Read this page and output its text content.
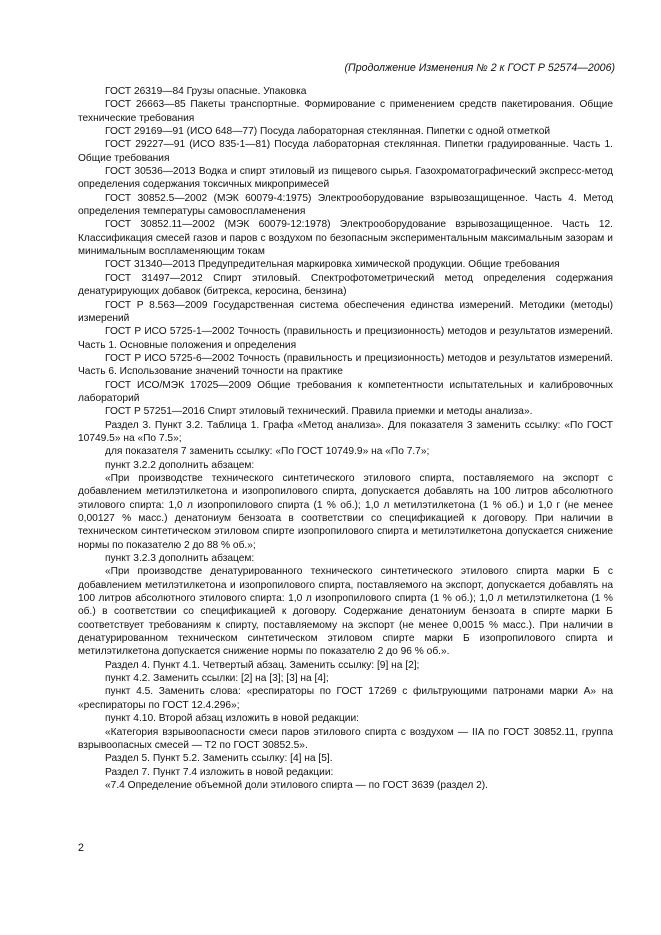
(Продолжение Изменения № 2 к ГОСТ Р 52574—2006)

ГОСТ 26319—84 Грузы опасные. Упаковка

ГОСТ 26663—85 Пакеты транспортные. Формирование с применением средств пакетирования. Общие технические требования

ГОСТ 29169—91 (ИСО 648—77) Посуда лабораторная стеклянная. Пипетки с одной отметкой

ГОСТ 29227—91 (ИСО 835-1—81) Посуда лабораторная стеклянная. Пипетки градуированные. Часть 1. Общие требования

ГОСТ 30536—2013 Водка и спирт этиловый из пищевого сырья. Газохроматографический экспресс-метод определения содержания токсичных микропримесей

ГОСТ 30852.5—2002 (МЭК 60079-4:1975) Электрооборудование взрывозащищенное. Часть 4. Метод определения температуры самовоспламенения

ГОСТ 30852.11—2002 (МЭК 60079-12:1978) Электрооборудование взрывозащищенное. Часть 12. Классификация смесей газов и паров с воздухом по безопасным экспериментальным максимальным зазорам и минимальным воспламеняющим токам

ГОСТ 31340—2013 Предупредительная маркировка химической продукции. Общие требования

ГОСТ 31497—2012 Спирт этиловый. Спектрофотометрический метод определения содержания денатурирующих добавок (битрекса, керосина, бензина)

ГОСТ Р 8.563—2009 Государственная система обеспечения единства измерений. Методики (методы) измерений

ГОСТ Р ИСО 5725-1—2002 Точность (правильность и прецизионность) методов и результатов измерений. Часть 1. Основные положения и определения

ГОСТ Р ИСО 5725-6—2002 Точность (правильность и прецизионность) методов и результатов измерений. Часть 6. Использование значений точности на практике

ГОСТ ИСО/МЭК 17025—2009 Общие требования к компетентности испытательных и калибровочных лабораторий

ГОСТ Р 57251—2016 Спирт этиловый технический. Правила приемки и методы анализа».

Раздел 3. Пункт 3.2. Таблица 1. Графа «Метод анализа». Для показателя 3 заменить ссылку: «По ГОСТ 10749.5» на «По 7.5»;

для показателя 7 заменить ссылку: «По ГОСТ 10749.9» на «По 7.7»;

пункт 3.2.2 дополнить абзацем:

«При производстве технического синтетического этилового спирта, поставляемого на экспорт с добавлением метилэтилкетона и изопропилового спирта, допускается добавлять на 100 литров абсолютного этилового спирта: 1,0 л изопропилового спирта (1 % об.); 1,0 л метилэтилкетона (1 % об.) и 1,0 г (не менее 0,00127 % масс.) денатониум бензоата в соответствии со спецификацией к договору. При наличии в техническом синтетическом этиловом спирте изопропилового спирта и метилэтилкетона допускается снижение нормы по показателю 2 до 88 % об.»;

пункт 3.2.3 дополнить абзацем:

«При производстве денатурированного технического синтетического этилового спирта марки Б с добавлением метилэтилкетона и изопропилового спирта, поставляемого на экспорт, допускается добавлять на 100 литров абсолютного этилового спирта: 1,0 л изопропилового спирта (1 % об.); 1,0 л метилэтилкетона (1 % об.) в соответствии со спецификацией к договору. Содержание денатониум бензоата в спирте марки Б соответствует требованиям к спирту, поставляемому на экспорт (не менее 0,0015 % масс.). При наличии в денатурированном техническом синтетическом этиловом спирте марки Б изопропилового спирта и метилэтилкетона допускается снижение нормы по показателю 2 до 96 % об.».

Раздел 4. Пункт 4.1. Четвертый абзац. Заменить ссылку: [9] на [2];

пункт 4.2. Заменить ссылки: [2] на [3]; [3] на [4];

пункт 4.5. Заменить слова: «респираторы по ГОСТ 17269 с фильтрующими патронами марки А» на «респираторы по ГОСТ 12.4.296»;

пункт 4.10. Второй абзац изложить в новой редакции:

«Категория взрывоопасности смеси паров этилового спирта с воздухом — IIA по ГОСТ 30852.11, группа взрывоопасных смесей — Т2 по ГОСТ 30852.5».

Раздел 5. Пункт 5.2. Заменить ссылку: [4] на [5].

Раздел 7. Пункт 7.4 изложить в новой редакции:

«7.4 Определение объемной доли этилового спирта — по ГОСТ 3639 (раздел 2).

2
